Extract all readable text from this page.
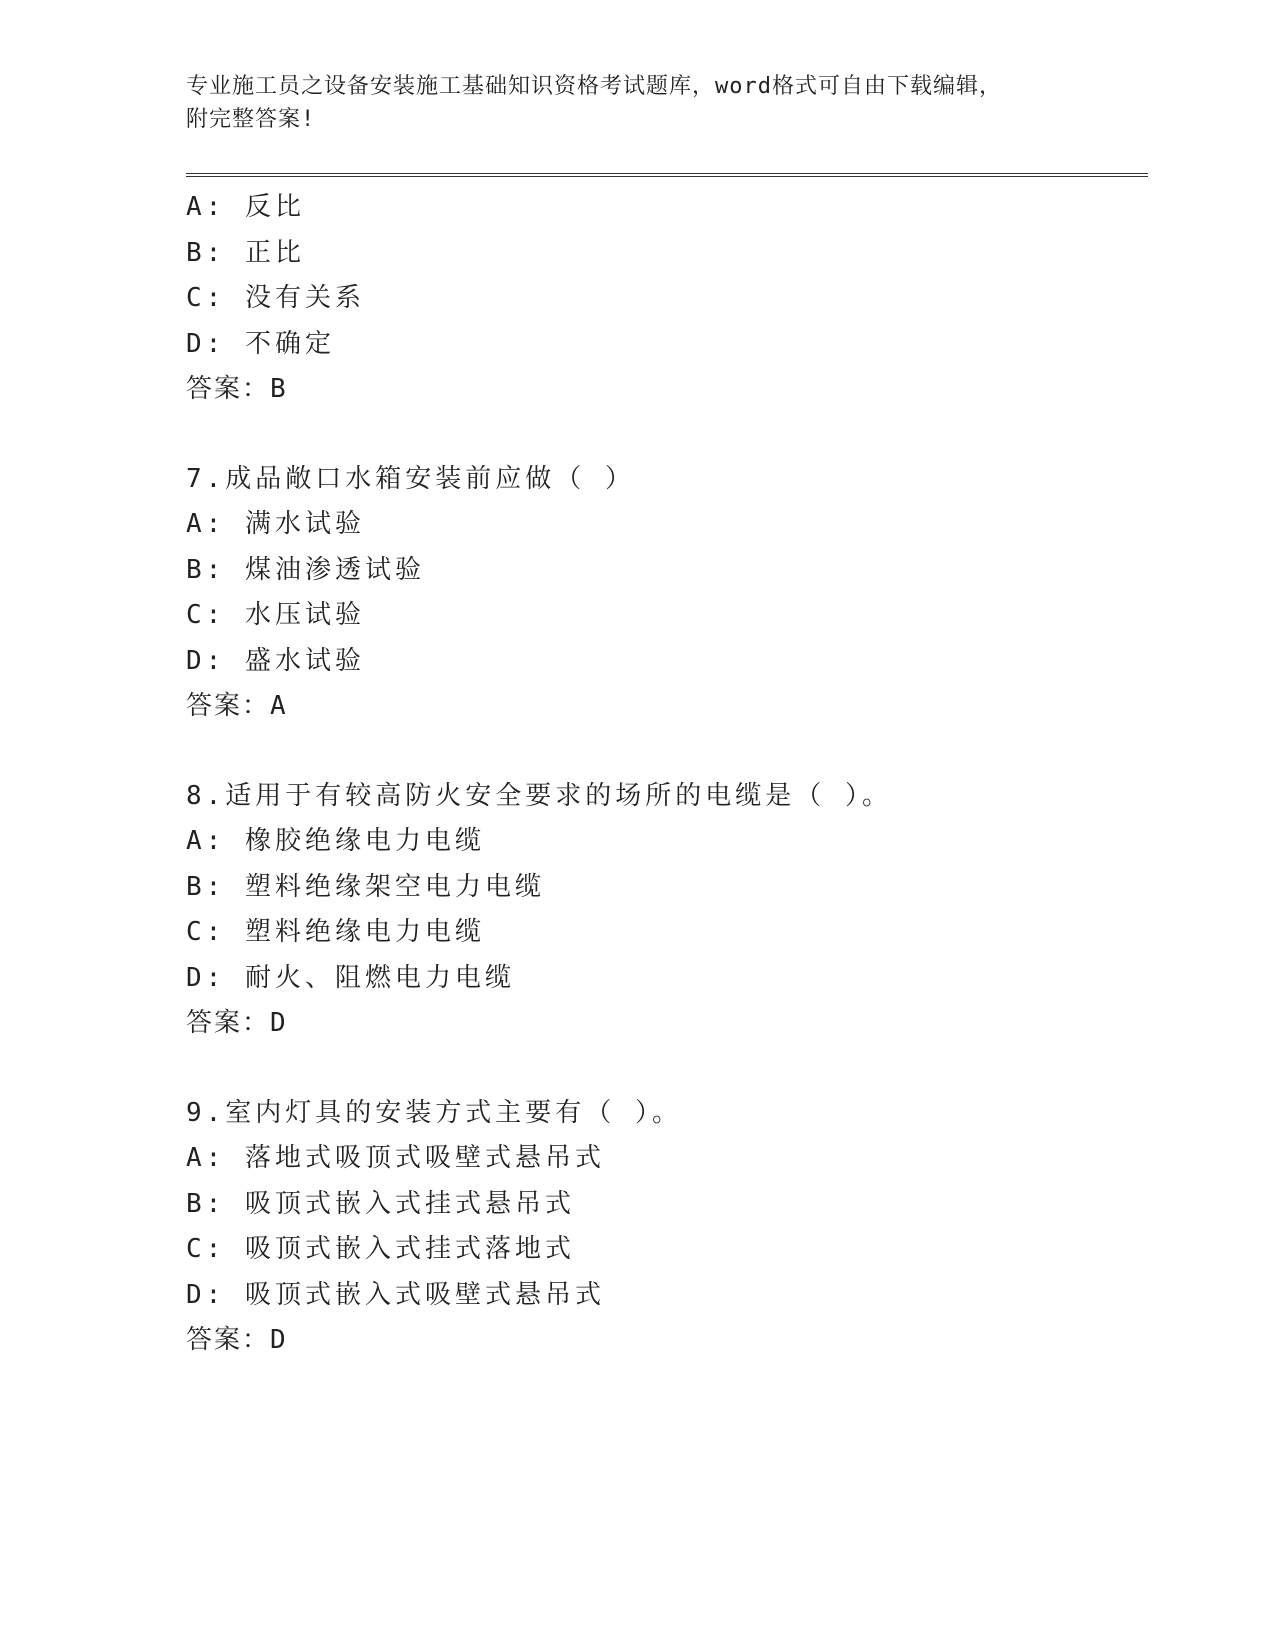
专业施工员之设备安装施工基础知识资格考试题库，word格式可自由下载编辑，

附完整答案!

A: 反比
B: 正比
C: 没有关系
D: 不确定
答案：B
7.成品敞口水箱安装前应做（ ）
A: 满水试验
B: 煤油渗透试验
C: 水压试验
D: 盛水试验
答案：A
8.适用于有较高防火安全要求的场所的电缆是（ ）。
A: 橡胶绝缘电力电缆
B: 塑料绝缘架空电力电缆
C: 塑料绝缘电力电缆
D: 耐火、阻燃电力电缆
答案：D
9.室内灯具的安装方式主要有（ ）。
A: 落地式吸顶式吸壁式悬吊式
B: 吸顶式嵌入式挂式悬吊式
C: 吸顶式嵌入式挂式落地式
D: 吸顶式嵌入式吸壁式悬吊式
答案：D
